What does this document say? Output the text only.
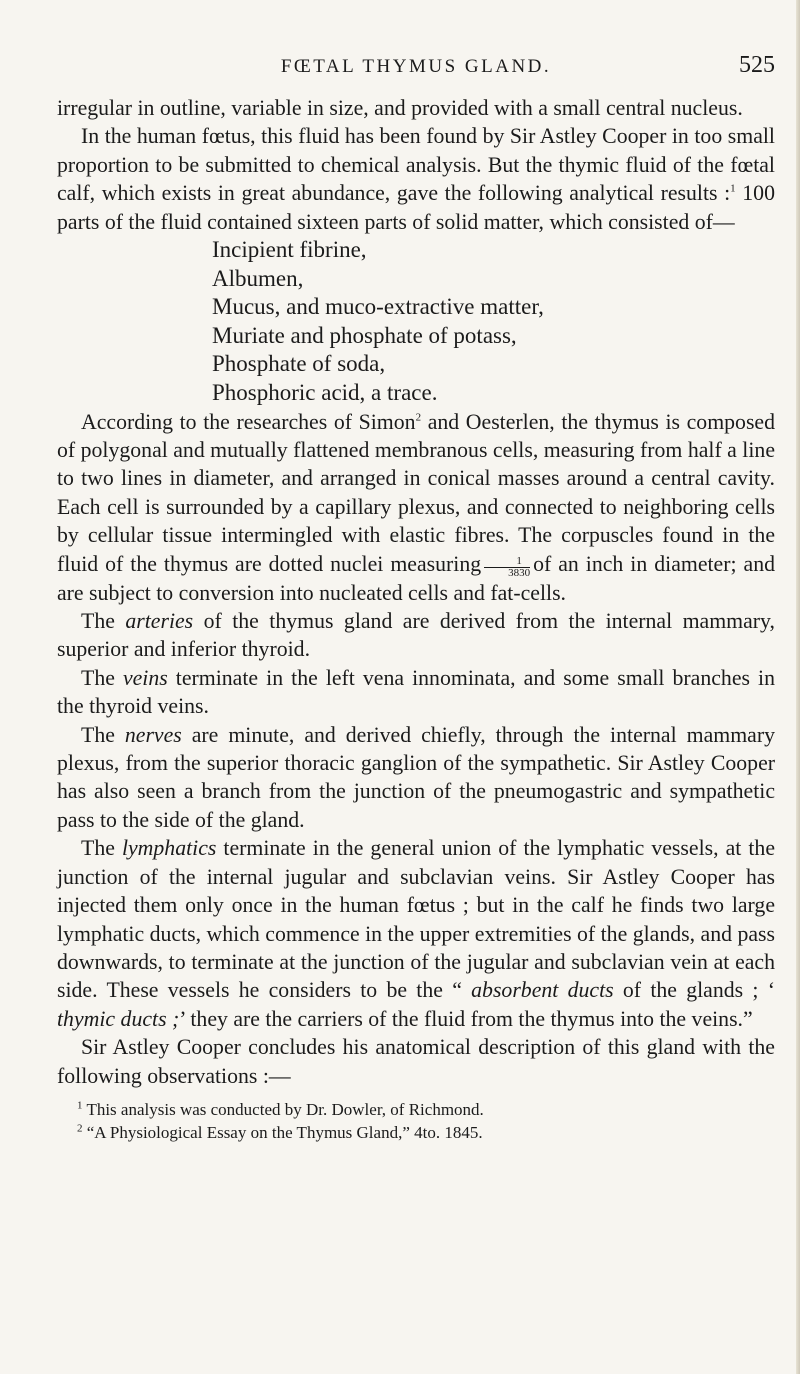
FŒTAL THYMUS GLAND.	525

irregular in outline, variable in size, and provided with a small central nucleus.

In the human fœtus, this fluid has been found by Sir Astley Cooper in too small proportion to be submitted to chemical analysis. But the thymic fluid of the fœtal calf, which exists in great abundance, gave the following analytical results :$^1$ 100 parts of the fluid contained sixteen parts of solid matter, which consisted of—

Incipient fibrine,
Albumen,
Mucus, and muco-extractive matter,
Muriate and phosphate of potass,
Phosphate of soda,
Phosphoric acid, a trace.

According to the researches of Simon$^2$ and Oesterlen, the thymus is composed of polygonal and mutually flattened membranous cells, measuring from half a line to two lines in diameter, and arranged in conical masses around a central cavity. Each cell is surrounded by a capillary plexus, and connected to neighboring cells by cellular tissue intermingled with elastic fibres. The corpuscles found in the fluid of the thymus are dotted nuclei measuring $\frac{1}{3830}$ of an inch in diameter; and are subject to conversion into nucleated cells and fat-cells.

The arteries of the thymus gland are derived from the internal mammary, superior and inferior thyroid.

The veins terminate in the left vena innominata, and some small branches in the thyroid veins.

The nerves are minute, and derived chiefly, through the internal mammary plexus, from the superior thoracic ganglion of the sympathetic. Sir Astley Cooper has also seen a branch from the junction of the pneumogastric and sympathetic pass to the side of the gland.

The lymphatics terminate in the general union of the lymphatic vessels, at the junction of the internal jugular and subclavian veins. Sir Astley Cooper has injected them only once in the human fœtus ; but in the calf he finds two large lymphatic ducts, which commence in the upper extremities of the glands, and pass downwards, to terminate at the junction of the jugular and subclavian vein at each side. These vessels he considers to be the “ absorbent ducts of the glands ; ‘ thymic ducts ;’ they are the carriers of the fluid from the thymus into the veins.”

Sir Astley Cooper concludes his anatomical description of this gland with the following observations :—

$^1$ This analysis was conducted by Dr. Dowler, of Richmond.

$^2$ “A Physiological Essay on the Thymus Gland,” 4to. 1845.
